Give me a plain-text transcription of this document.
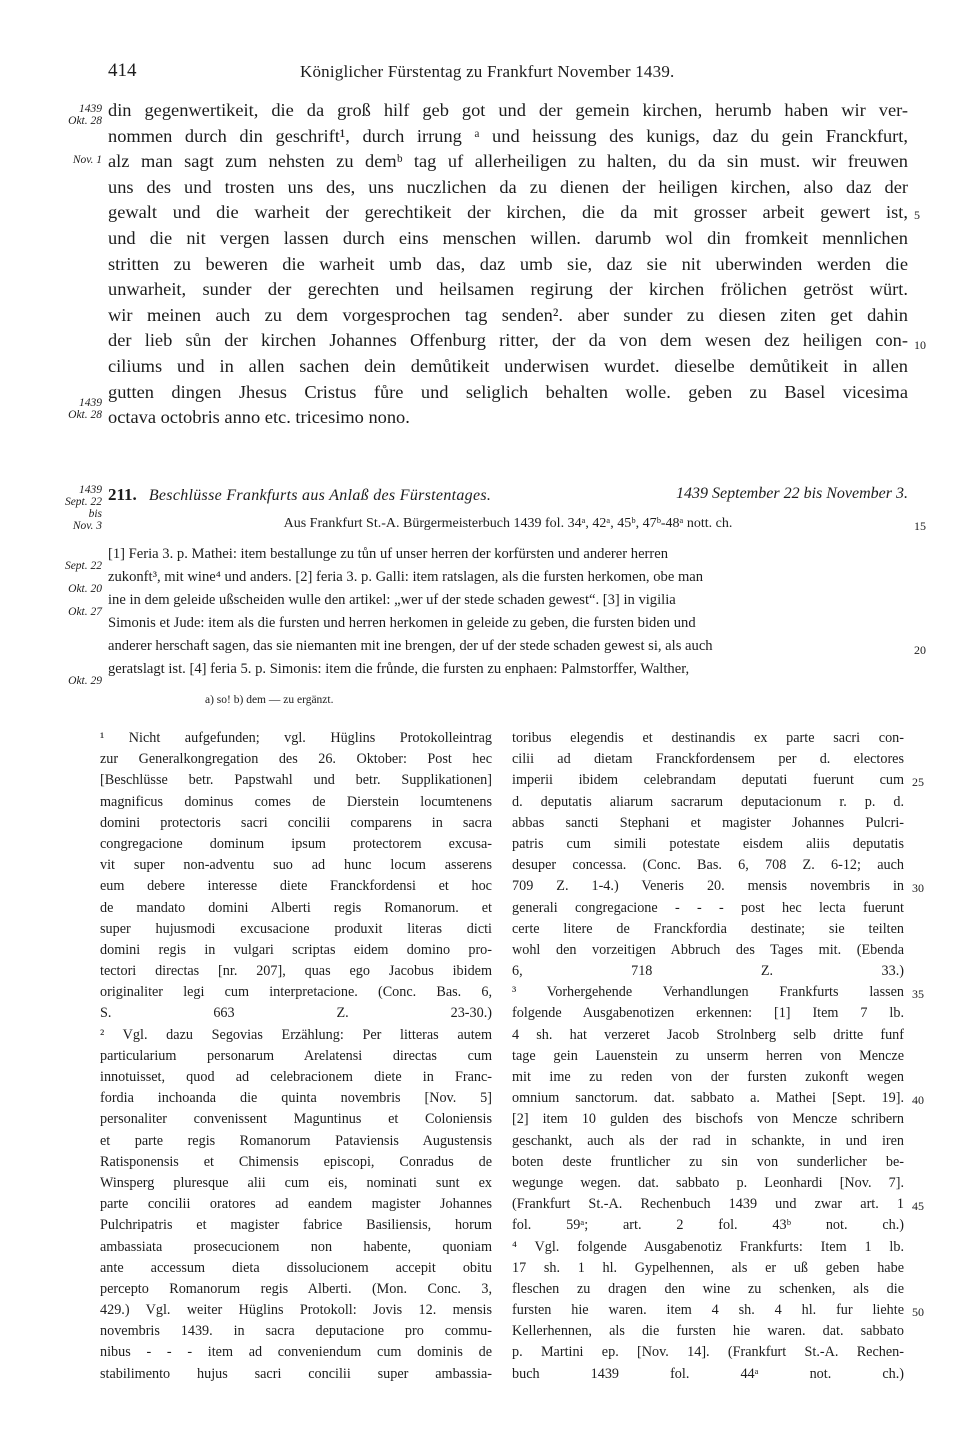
414	Königlicher Fürstentag zu Frankfurt November 1439.
1439
Okt. 28
Nov. 1
1439
Okt. 28
5
10
din gegenwertikeit, die da groß hilf geb got und der gemein kirchen, herumb haben wir ver-
nommen durch din geschrift¹, durch irrung ᵃ und heissung des kunigs, daz du gein Franckfurt,
alz man sagt zum nehsten zu demᵇ tag uf allerheiligen zu halten, du da sin must. wir freuwen
uns des und trosten uns des, uns nuczlichen da zu dienen der heiligen kirchen, also daz der
gewalt und die warheit der gerechtikeit der kirchen, die da mit grosser arbeit gewert ist,
und die nit vergen lassen durch eins menschen willen. darumb wol din fromkeit mennlichen
stritten zu beweren die warheit umb das, daz umb sie, daz sie nit uberwinden werden die
unwarheit, sunder der gerechten und heilsamen regirung der kirchen frölichen getröst würt.
wir meinen auch zu dem vorgesprochen tag senden². aber sunder zu diesen ziten get dahin
der lieb sůn der kirchen Johannes Offenburg ritter, der da von dem wesen dez heiligen con-
ciliums und in allen sachen dein demůtikeit underwisen wurdet. dieselbe demůtikeit in allen
gutten dingen Jhesus Cristus fůre und seliglich behalten wolle. geben zu Basel vicesima
octava octobris anno etc. tricesimo nono.
1439
Sept. 22
bis
Nov. 3
211. Beschlüsse Frankfurts aus Anlaß des Fürstentages.	1439 September 22 bis November 3.
Aus Frankfurt St.-A. Bürgermeisterbuch 1439 fol. 34ᵃ, 42ᵃ, 45ᵇ, 47ᵇ-48ᵃ nott. ch.	15
Sept. 22
Okt. 20
Okt. 27
Okt. 29
20
[1] Feria 3. p. Mathei: item bestallunge zu tůn uf unser herren der korfürsten und anderer herren
zukonft³, mit wine⁴ und anders. [2] feria 3. p. Galli: item ratslagen, als die fursten herkomen, obe man
ine in dem geleide ußscheiden wulle den artikel: „wer uf der stede schaden gewest“. [3] in vigilia
Simonis et Jude: item als die fursten und herren herkomen in geleide zu geben, die fursten biden und
anderer herschaft sagen, das sie niemanten mit ine brengen, der uf der stede schaden gewest si, als auch
geratslagt ist. [4] feria 5. p. Simonis: item die frůnde, die fursten zu enphaen: Palmstorffer, Walther,
a) so! b) dem — zu ergänzt.
¹ Nicht aufgefunden; vgl. Hüglins Protokolleintrag
zur Generalkongregation des 26. Oktober: Post hec
[Beschlüsse betr. Papstwahl und betr. Supplikationen]
magnificus dominus comes de Dierstein locumtenens
domini protectoris sacri concilii comparens in sacra
congregacione dominum ipsum protectorem excusa-
vit super non-adventu suo ad hunc locum asserens
eum debere interesse diete Franckfordensi et hoc
de mandato domini Alberti regis Romanorum. et
super hujusmodi excusacione produxit literas dicti
domini regis in vulgari scriptas eidem domino pro-
tectori directas [nr. 207], quas ego Jacobus ibidem
originaliter legi cum interpretacione. (Conc. Bas. 6,
S. 663 Z. 23-30.)
² Vgl. dazu Segovias Erzählung: Per litteras autem
particularium personarum Arelatensi directas cum
innotuisset, quod ad celebracionem diete in Franc-
fordia inchoanda die quinta novembris [Nov. 5]
personaliter convenissent Maguntinus et Coloniensis
et parte regis Romanorum Pataviensis Augustensis
Ratisponensis et Chimensis episcopi, Conradus de
Winsperg pluresque alii cum eis, nominati sunt ex
parte concilii oratores ad eandem magister Johannes
Pulchripatris et magister fabrice Basiliensis, horum
ambassiata prosecucionem non habente, quoniam
ante accessum dieta dissolucionem accepit obitu
percepto Romanorum regis Alberti. (Mon. Conc. 3,
429.) Vgl. weiter Hüglins Protokoll: Jovis 12. mensis
novembris 1439. in sacra deputacione pro commu-
nibus - - - item ad conveniendum cum dominis de
stabilimento hujus sacri concilii super ambassia-
toribus elegendis et destinandis ex parte sacri con-
cilii ad dietam Franckfordensem per d. electores
imperii ibidem celebrandam deputati fuerunt cum
d. deputatis aliarum sacrarum deputacionum r. p. d.
abbas sancti Stephani et magister Johannes Pulcri-
patris cum simili potestate eisdem aliis deputatis
desuper concessa. (Conc. Bas. 6, 708 Z. 6-12; auch
709 Z. 1-4.) Veneris 20. mensis novembris in
generali congregacione - - - post hec lecta fuerunt
certe litere de Franckfordia destinate; sie teilten
wohl den vorzeitigen Abbruch des Tages mit. (Ebenda
6, 718 Z. 33.)
³ Vorhergehende Verhandlungen Frankfurts lassen
folgende Ausgabenotizen erkennen: [1] Item 7 lb.
4 sh. hat verzeret Jacob Strolnberg selb dritte funf
tage gein Lauenstein zu unserm herren von Mencze
mit ime zu reden von der fursten zukonft wegen
omnium sanctorum. dat. sabbato a. Mathei [Sept. 19].
[2] item 10 gulden des bischofs von Mencze schribern
geschankt, auch als der rad in schankte, in und iren
boten deste fruntlicher zu sin von sunderlicher be-
wegunge wegen. dat. sabbato p. Leonhardi [Nov. 7].
(Frankfurt St.-A. Rechenbuch 1439 und zwar art. 1
fol. 59ᵃ; art. 2 fol. 43ᵇ not. ch.)
⁴ Vgl. folgende Ausgabenotiz Frankfurts: Item 1 lb.
17 sh. 1 hl. Gypelhennen, als er uß geben habe
fleschen zu dragen den wine zu schenken, als die
fursten hie waren. item 4 sh. 4 hl. fur liehte
Kellerhennen, als die fursten hie waren. dat. sabbato
p. Martini ep. [Nov. 14]. (Frankfurt St.-A. Rechen-
buch 1439 fol. 44ᵃ not. ch.)
25
30
35
40
45
50
